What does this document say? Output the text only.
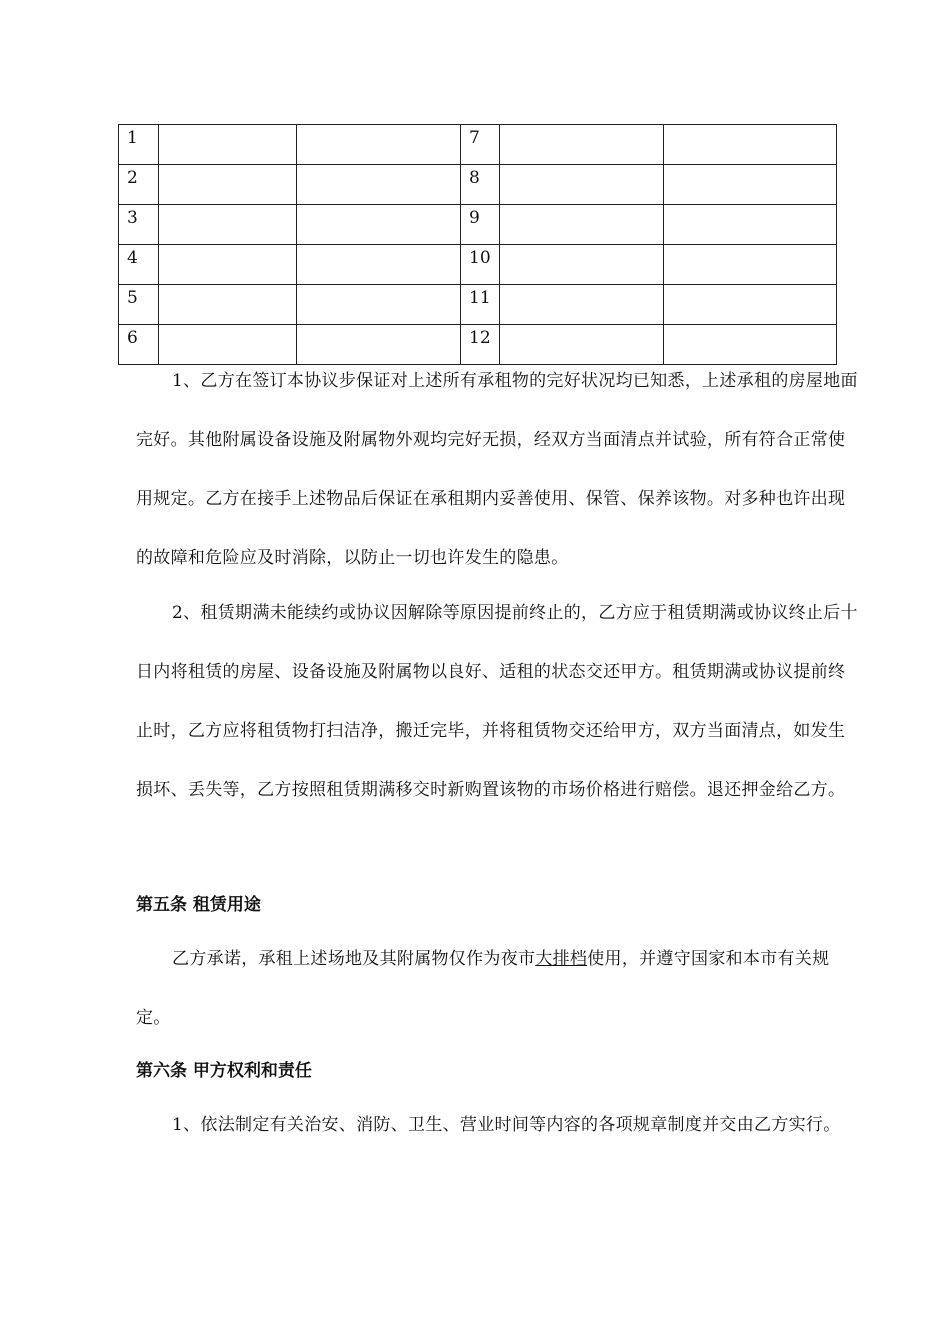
1			7		
2			8		
3			9		
4			10		
5			11		
6			12		

1、乙方在签订本协议步保证对上述所有承租物的完好状况均已知悉，上述承租的房屋地面完好。其他附属设备设施及附属物外观均完好无损，经双方当面清点并试验，所有符合正常使用规定。乙方在接手上述物品后保证在承租期内妥善使用、保管、保养该物。对多种也许出现的故障和危险应及时消除，以防止一切也许发生的隐患。

2、租赁期满未能续约或协议因解除等原因提前终止的，乙方应于租赁期满或协议终止后十日内将租赁的房屋、设备设施及附属物以良好、适租的状态交还甲方。租赁期满或协议提前终止时，乙方应将租赁物打扫洁净，搬迁完毕，并将租赁物交还给甲方，双方当面清点，如发生损坏、丢失等，乙方按照租赁期满移交时新购置该物的市场价格进行赔偿。退还押金给乙方。

第五条 租赁用途

乙方承诺，承租上述场地及其附属物仅作为夜市大排档使用，并遵守国家和本市有关规定。

第六条 甲方权利和责任

1、依法制定有关治安、消防、卫生、营业时间等内容的各项规章制度并交由乙方实行。
